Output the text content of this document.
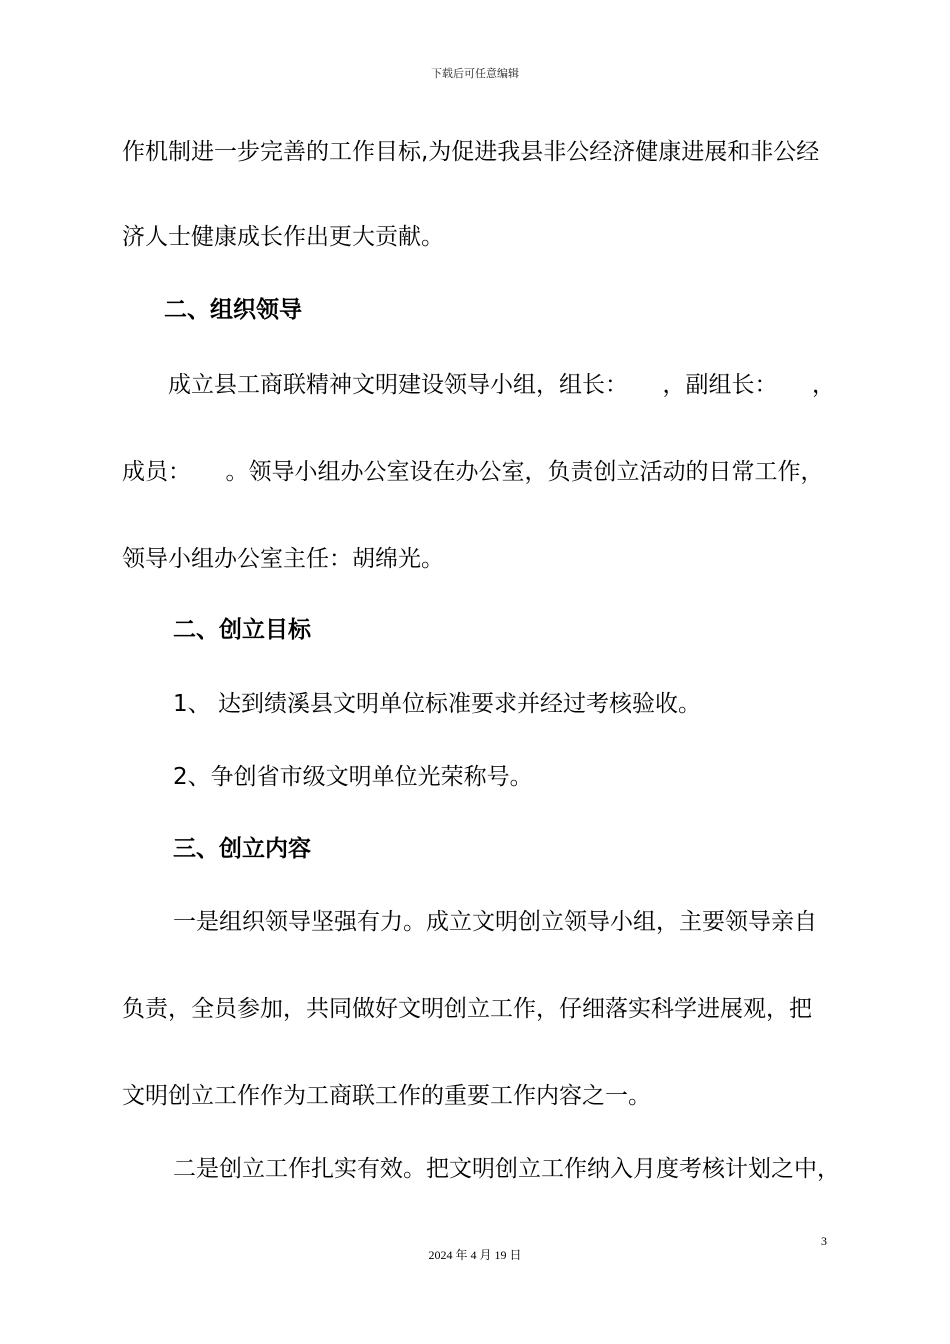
下载后可任意编辑
作机制进一步完善的工作目标,为促进我县非公经济健康进展和非公经
济人士健康成长作出更大贡献。
二、组织领导
成立县工商联精神文明建设领导小组，组长：　　，副组长：　　，
成员：　　。领导小组办公室设在办公室，负责创立活动的日常工作，
领导小组办公室主任：胡绵光。
二、创立目标
1、 达到绩溪县文明单位标准要求并经过考核验收。
2、争创省市级文明单位光荣称号。
三、创立内容
一是组织领导坚强有力。成立文明创立领导小组，主要领导亲自
负责，全员参加，共同做好文明创立工作，仔细落实科学进展观，把
文明创立工作作为工商联工作的重要工作内容之一。
二是创立工作扎实有效。把文明创立工作纳入月度考核计划之中，
3
2024 年 4 月 19 日
